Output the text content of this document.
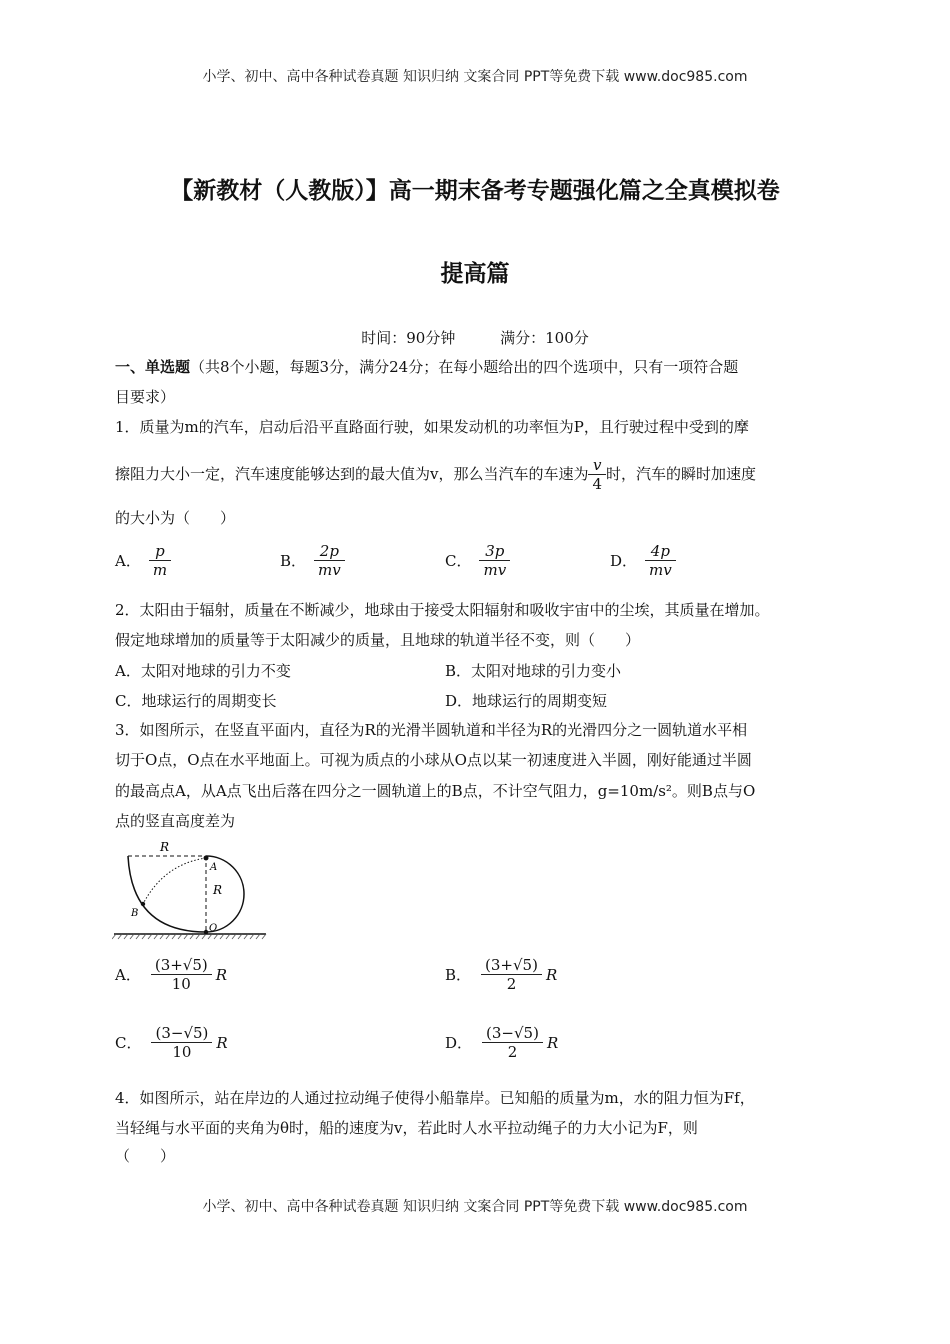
小学、初中、高中各种试卷真题 知识归纳 文案合同 PPT等免费下载 www.doc985.com
【新教材（人教版）】高一期末备考专题强化篇之全真模拟卷
提高篇
时间：90分钟	满分：100分
一、单选题（共8个小题，每题3分，满分24分；在每小题给出的四个选项中，只有一项符合题
目要求）
1．质量为m的汽车，启动后沿平直路面行驶，如果发动机的功率恒为P，且行驶过程中受到的摩
擦阻力大小一定，汽车速度能够达到的最大值为v，那么当汽车的车速为 $\frac{v}{4}$ 时，汽车的瞬时加速度
的大小为（　　）
A． $\frac{p}{m}$	B． $\frac{2p}{mv}$	C． $\frac{3p}{mv}$	D． $\frac{4p}{mv}$
2．太阳由于辐射，质量在不断减少，地球由于接受太阳辐射和吸收宇宙中的尘埃，其质量在增加。
假定地球增加的质量等于太阳减少的质量，且地球的轨道半径不变，则（　　）
A．太阳对地球的引力不变	B．太阳对地球的引力变小
C．地球运行的周期变长	D．地球运行的周期变短
3．如图所示，在竖直平面内，直径为R的光滑半圆轨道和半径为R的光滑四分之一圆轨道水平相
切于O点，O点在水平地面上。可视为质点的小球从O点以某一初速度进入半圆，刚好能通过半圆
的最高点A，从A点飞出后落在四分之一圆轨道上的B点，不计空气阻力，g=10m/s²。则B点与O
点的竖直高度差为
R
R
A
B
O
A． $\frac{(3+√5)}{10}$ R	B． $\frac{(3+√5)}{2}$ R
C． $\frac{(3-√5)}{10}$ R	D． $\frac{(3-√5)}{2}$ R
4．如图所示，站在岸边的人通过拉动绳子使得小船靠岸。已知船的质量为m，水的阻力恒为Ff，
当轻绳与水平面的夹角为θ时，船的速度为v，若此时人水平拉动绳子的力大小记为F，则
（　　）
小学、初中、高中各种试卷真题 知识归纳 文案合同 PPT等免费下载 www.doc985.com
